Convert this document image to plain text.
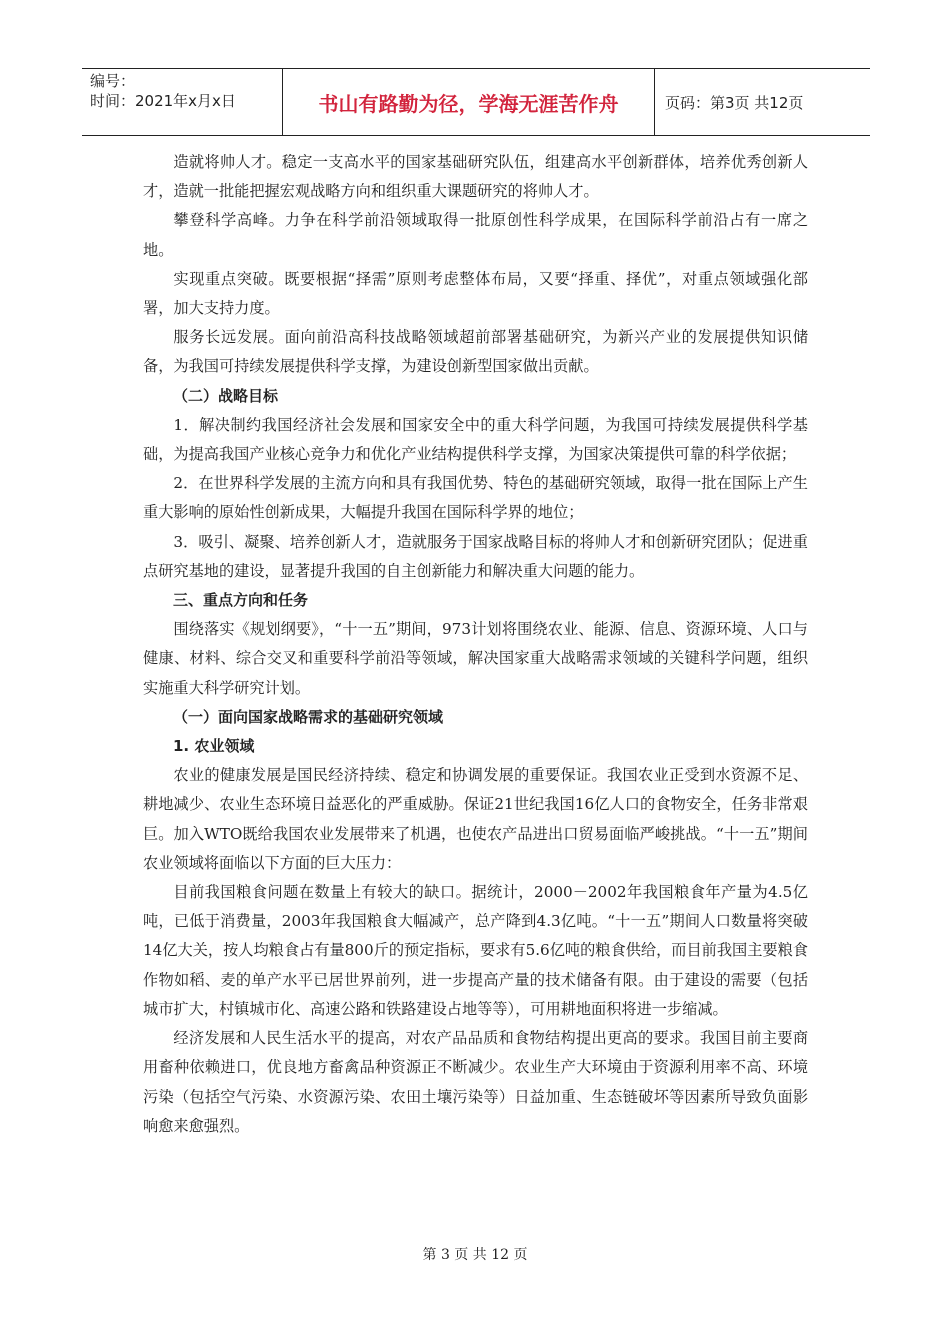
编号：
时间：2021年x月x日	书山有路勤为径，学海无涯苦作舟	页码：第3页 共12页

造就将帅人才。稳定一支高水平的国家基础研究队伍，组建高水平创新群体，培养优秀创新人才，造就一批能把握宏观战略方向和组织重大课题研究的将帅人才。

攀登科学高峰。力争在科学前沿领域取得一批原创性科学成果，在国际科学前沿占有一席之地。

实现重点突破。既要根据“择需”原则考虑整体布局，又要“择重、择优”，对重点领域强化部署，加大支持力度。

服务长远发展。面向前沿高科技战略领域超前部署基础研究，为新兴产业的发展提供知识储备，为我国可持续发展提供科学支撑，为建设创新型国家做出贡献。

（二）战略目标

1．解决制约我国经济社会发展和国家安全中的重大科学问题，为我国可持续发展提供科学基础，为提高我国产业核心竞争力和优化产业结构提供科学支撑，为国家决策提供可靠的科学依据；

2．在世界科学发展的主流方向和具有我国优势、特色的基础研究领域，取得一批在国际上产生重大影响的原始性创新成果，大幅提升我国在国际科学界的地位；

3．吸引、凝聚、培养创新人才，造就服务于国家战略目标的将帅人才和创新研究团队；促进重点研究基地的建设，显著提升我国的自主创新能力和解决重大问题的能力。

三、重点方向和任务

围绕落实《规划纲要》，“十一五”期间，973计划将围绕农业、能源、信息、资源环境、人口与健康、材料、综合交叉和重要科学前沿等领域，解决国家重大战略需求领域的关键科学问题，组织实施重大科学研究计划。

（一）面向国家战略需求的基础研究领域

1. 农业领域

农业的健康发展是国民经济持续、稳定和协调发展的重要保证。我国农业正受到水资源不足、耕地减少、农业生态环境日益恶化的严重威胁。保证21世纪我国16亿人口的食物安全，任务非常艰巨。加入WTO既给我国农业发展带来了机遇，也使农产品进出口贸易面临严峻挑战。“十一五”期间农业领域将面临以下方面的巨大压力：

目前我国粮食问题在数量上有较大的缺口。据统计，2000－2002年我国粮食年产量为4.5亿吨，已低于消费量，2003年我国粮食大幅减产，总产降到4.3亿吨。“十一五”期间人口数量将突破14亿大关，按人均粮食占有量800斤的预定指标，要求有5.6亿吨的粮食供给，而目前我国主要粮食作物如稻、麦的单产水平已居世界前列，进一步提高产量的技术储备有限。由于建设的需要（包括城市扩大，村镇城市化、高速公路和铁路建设占地等等），可用耕地面积将进一步缩减。

经济发展和人民生活水平的提高，对农产品品质和食物结构提出更高的要求。我国目前主要商用畜种依赖进口，优良地方畜禽品种资源正不断减少。农业生产大环境由于资源利用率不高、环境污染（包括空气污染、水资源污染、农田土壤污染等）日益加重、生态链破坏等因素所导致负面影响愈来愈强烈。

第 3 页 共 12 页
